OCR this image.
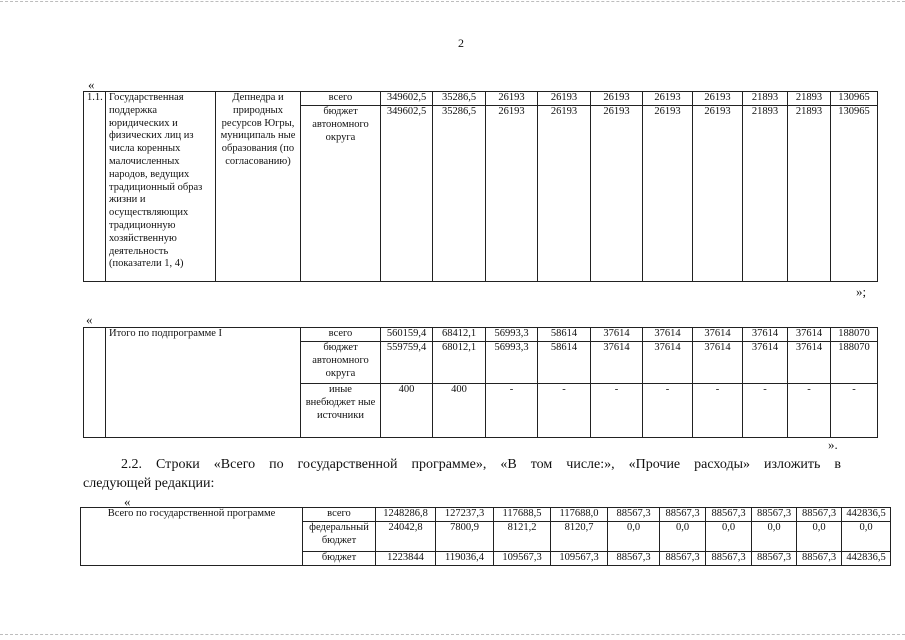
2
«
1.1.	Государственная поддержка юридических и физических лиц из числа коренных малочисленных народов, ведущих традиционный образ жизни и осуществляющих традиционную хозяйственную деятельность (показатели 1, 4)	Депнедра и природных ресурсов Югры, муниципаль ные образования (по согласованию)	всего	349602,5	35286,5	26193	26193	26193	26193	26193	21893	21893	130965
			бюджет автономного округа	349602,5	35286,5	26193	26193	26193	26193	26193	21893	21893	130965
»;
«
	Итого по подпрограмме I	всего	560159,4	68412,1	56993,3	58614	37614	37614	37614	37614	37614	188070
		бюджет автономного округа	559759,4	68012,1	56993,3	58614	37614	37614	37614	37614	37614	188070
		иные внебюджет ные источники	400	400	-	-	-	-	-	-	-	-
».
2.2. Строки «Всего по государственной программе», «В том числе:», «Прочие расходы» изложить в
следующей редакции:
«
Всего по государственной программе	всего	1248286,8	127237,3	117688,5	117688,0	88567,3	88567,3	88567,3	88567,3	88567,3	442836,5
	федеральный бюджет	24042,8	7800,9	8121,2	8120,7	0,0	0,0	0,0	0,0	0,0	0,0
	бюджет	1223844	119036,4	109567,3	109567,3	88567,3	88567,3	88567,3	88567,3	88567,3	442836,5
